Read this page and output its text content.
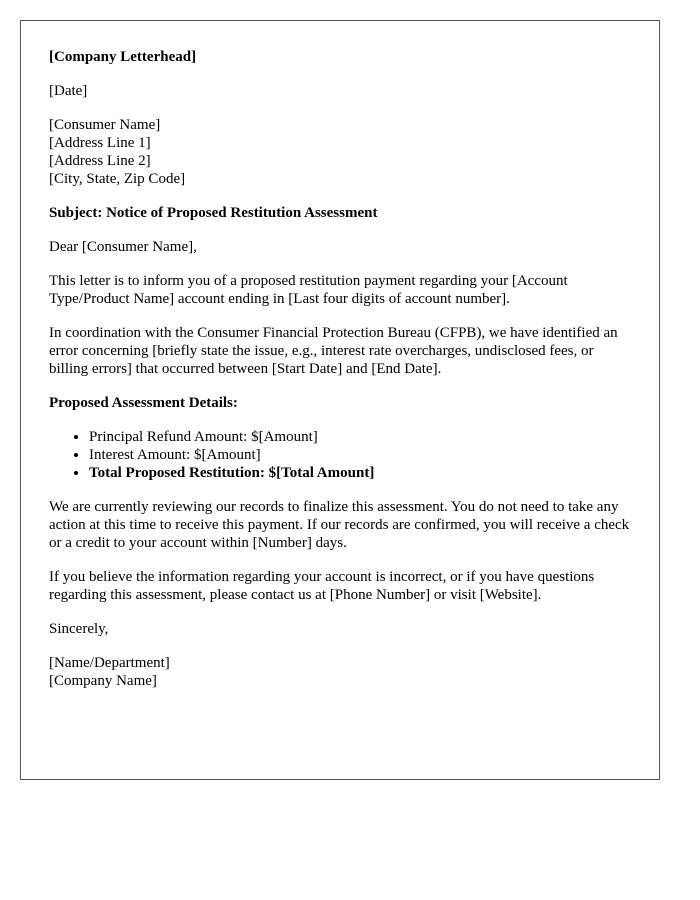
[Company Letterhead]

[Date]

[Consumer Name]
[Address Line 1]
[Address Line 2]
[City, State, Zip Code]

Subject: Notice of Proposed Restitution Assessment

Dear [Consumer Name],

This letter is to inform you of a proposed restitution payment regarding your [Account Type/Product Name] account ending in [Last four digits of account number].

In coordination with the Consumer Financial Protection Bureau (CFPB), we have identified an error concerning [briefly state the issue, e.g., interest rate overcharges, undisclosed fees, or billing errors] that occurred between [Start Date] and [End Date].

Proposed Assessment Details:

• Principal Refund Amount: $[Amount]
• Interest Amount: $[Amount]
• Total Proposed Restitution: $[Total Amount]

We are currently reviewing our records to finalize this assessment. You do not need to take any action at this time to receive this payment. If our records are confirmed, you will receive a check or a credit to your account within [Number] days.

If you believe the information regarding your account is incorrect, or if you have questions regarding this assessment, please contact us at [Phone Number] or visit [Website].

Sincerely,

[Name/Department]
[Company Name]
